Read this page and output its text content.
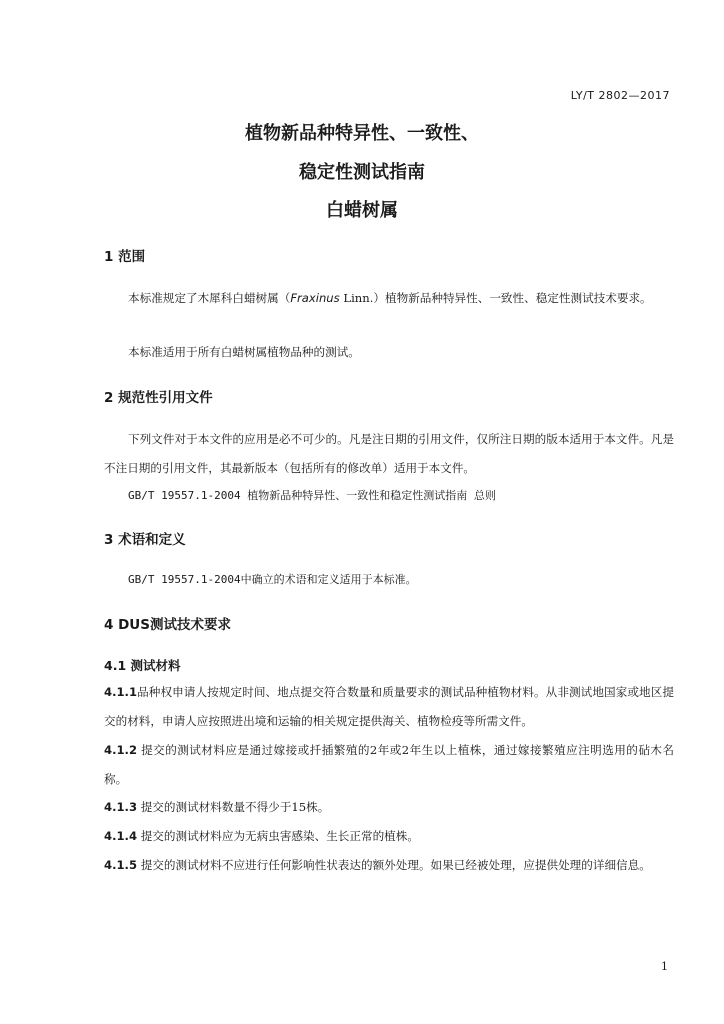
LY/T 2802—2017
植物新品种特异性、一致性、
稳定性测试指南
白蜡树属
1 范围
本标准规定了木犀科白蜡树属（Fraxinus Linn.）植物新品种特异性、一致性、稳定性测试技术要求。
本标准适用于所有白蜡树属植物品种的测试。
2 规范性引用文件
下列文件对于本文件的应用是必不可少的。凡是注日期的引用文件，仅所注日期的版本适用于本文件。凡是不注日期的引用文件，其最新版本（包括所有的修改单）适用于本文件。
GB/T 19557.1-2004 植物新品种特异性、一致性和稳定性测试指南 总则
3 术语和定义
GB/T 19557.1-2004中确立的术语和定义适用于本标准。
4 DUS测试技术要求
4.1 测试材料
4.1.1品种权申请人按规定时间、地点提交符合数量和质量要求的测试品种植物材料。从非测试地国家或地区提交的材料，申请人应按照进出境和运输的相关规定提供海关、植物检疫等所需文件。
4.1.2 提交的测试材料应是通过嫁接或扦插繁殖的2年或2年生以上植株，通过嫁接繁殖应注明选用的砧木名称。
4.1.3 提交的测试材料数量不得少于15株。
4.1.4 提交的测试材料应为无病虫害感染、生长正常的植株。
4.1.5 提交的测试材料不应进行任何影响性状表达的额外处理。如果已经被处理，应提供处理的详细信息。
1
